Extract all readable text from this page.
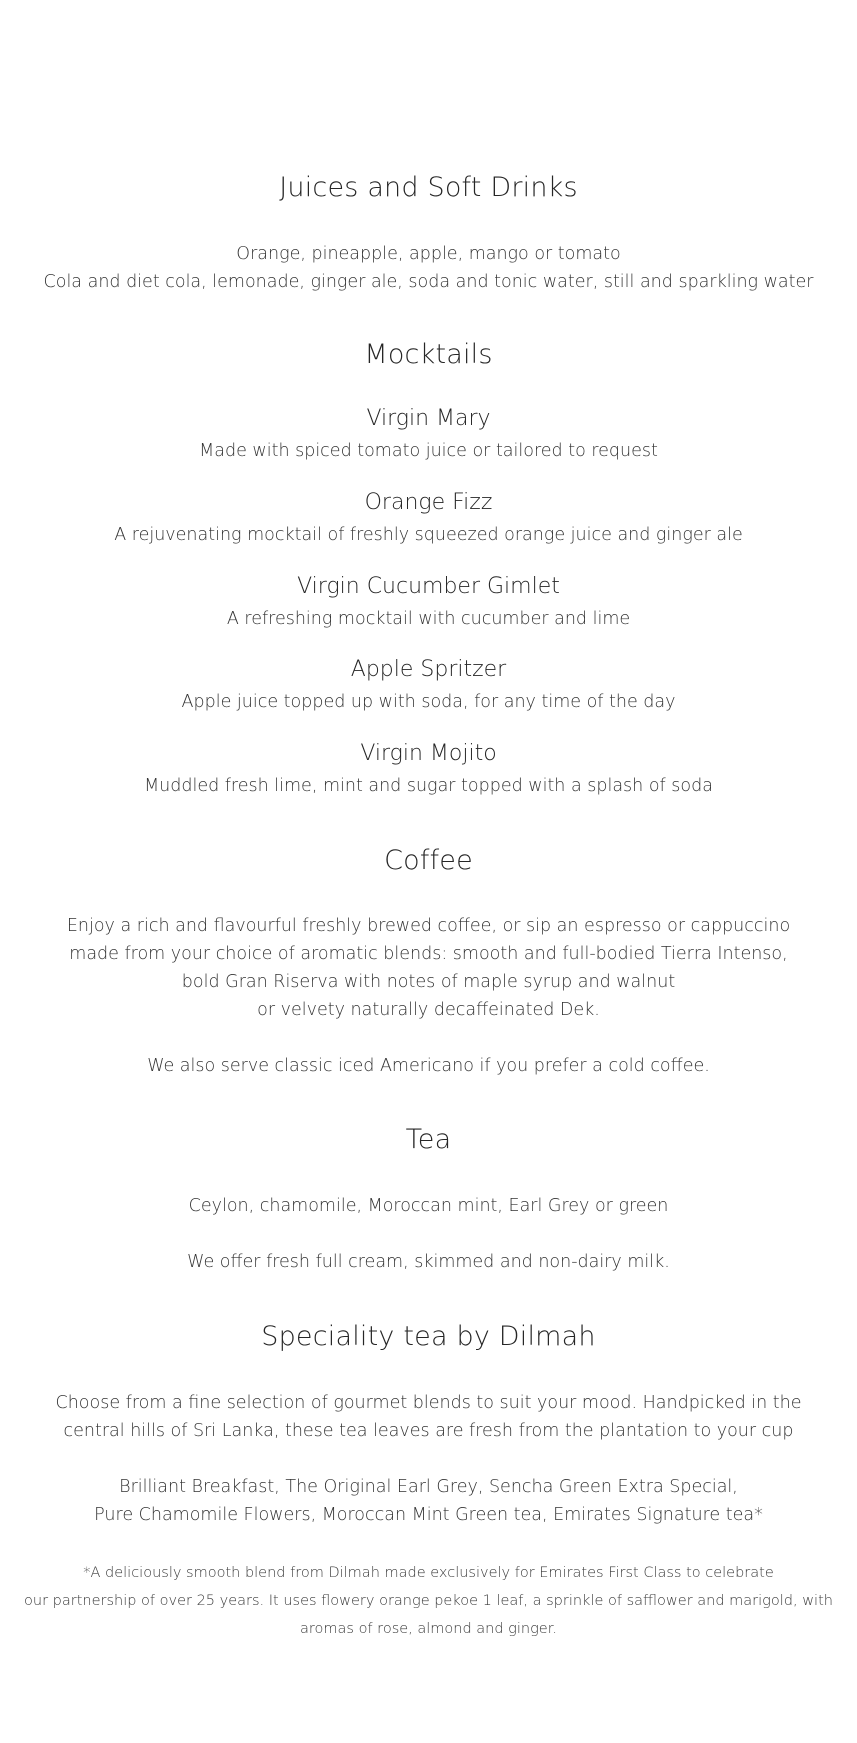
Juices and Soft Drinks

Orange, pineapple, apple, mango or tomato

Cola and diet cola, lemonade, ginger ale, soda and tonic water, still and sparkling water

Mocktails
Virgin Mary

Made with spiced tomato juice or tailored to request

Orange Fizz

A rejuvenating mocktail of freshly squeezed orange juice and ginger ale

Virgin Cucumber Gimlet

A refreshing mocktail with cucumber and lime

Apple Spritzer

Apple juice topped up with soda, for any time of the day

Virgin Mojito

Muddled fresh lime, mint and sugar topped with a splash of soda

Coffee

Enjoy a rich and flavourful freshly brewed coffee, or sip an espresso or cappuccino

made from your choice of aromatic blends: smooth and full-bodied Tierra Intenso,

bold Gran Riserva with notes of maple syrup and walnut

or velvety naturally decaffeinated Dek.

We also serve classic iced Americano if you prefer a cold coffee.

Tea

Ceylon, chamomile, Moroccan mint, Earl Grey or green

We offer fresh full cream, skimmed and non-dairy milk.

Speciality tea by Dilmah

Choose from a fine selection of gourmet blends to suit your mood. Handpicked in the

central hills of Sri Lanka, these tea leaves are fresh from the plantation to your cup

Brilliant Breakfast, The Original Earl Grey, Sencha Green Extra Special,

Pure Chamomile Flowers, Moroccan Mint Green tea, Emirates Signature tea*

*A deliciously smooth blend from Dilmah made exclusively for Emirates First Class to celebrate

our partnership of over 25 years. It uses flowery orange pekoe 1 leaf, a sprinkle of safflower and marigold, with

aromas of rose, almond and ginger.
